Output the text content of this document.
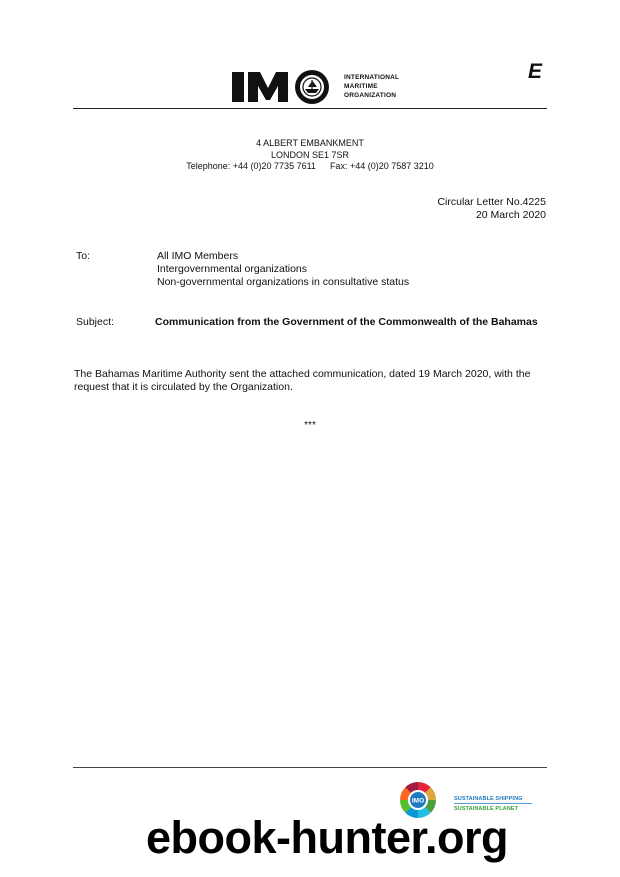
INTERNATIONAL
MARITIME
ORGANIZATION
E
4 ALBERT EMBANKMENT
LONDON SE1 7SR
Telephone: +44 (0)20 7735 7611 Fax: +44 (0)20 7587 3210
Circular Letter No.4225
20 March 2020
To:	All IMO Members
Intergovernmental organizations
Non-governmental organizations in consultative status
Subject:	Communication from the Government of the Commonwealth of the Bahamas
The Bahamas Maritime Authority sent the attached communication, dated 19 March 2020, with the request that it is circulated by the Organization.
***
IMO	SUSTAINABLE SHIPPING
SUSTAINABLE PLANET
ebook-hunter.org
